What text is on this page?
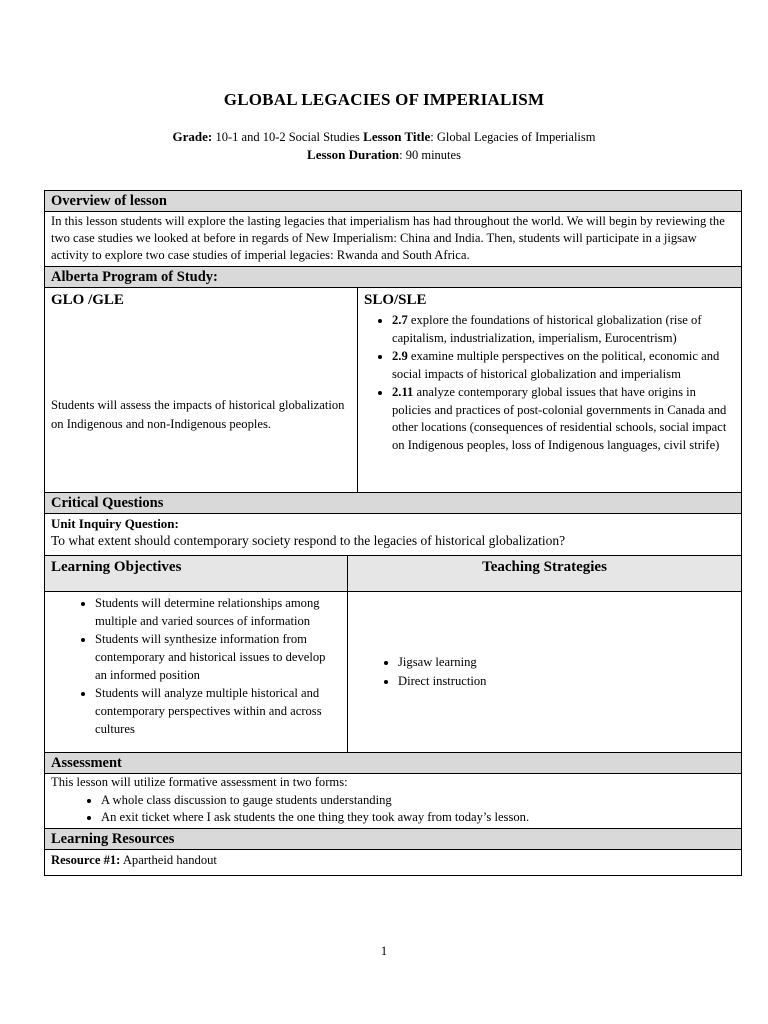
GLOBAL LEGACIES OF IMPERIALISM
Grade: 10-1 and 10-2 Social Studies Lesson Title: Global Legacies of Imperialism
Lesson Duration: 90 minutes
Overview of lesson
In this lesson students will explore the lasting legacies that imperialism has had throughout the world. We will begin by reviewing the two case studies we looked at before in regards of New Imperialism: China and India. Then, students will participate in a jigsaw activity to explore two case studies of imperial legacies: Rwanda and South Africa.
Alberta Program of Study:
GLO /GLE
Students will assess the impacts of historical globalization on Indigenous and non-Indigenous peoples.
SLO/SLE
• 2.7 explore the foundations of historical globalization (rise of capitalism, industrialization, imperialism, Eurocentrism)
• 2.9 examine multiple perspectives on the political, economic and social impacts of historical globalization and imperialism
• 2.11 analyze contemporary global issues that have origins in policies and practices of post-colonial governments in Canada and other locations (consequences of residential schools, social impact on Indigenous peoples, loss of Indigenous languages, civil strife)
Critical Questions
Unit Inquiry Question:
To what extent should contemporary society respond to the legacies of historical globalization?
Learning Objectives	Teaching Strategies
• Students will determine relationships among multiple and varied sources of information
• Students will synthesize information from contemporary and historical issues to develop an informed position
• Students will analyze multiple historical and contemporary perspectives within and across cultures
• Jigsaw learning
• Direct instruction
Assessment
This lesson will utilize formative assessment in two forms:
• A whole class discussion to gauge students understanding
• An exit ticket where I ask students the one thing they took away from today’s lesson.
Learning Resources
Resource #1: Apartheid handout
1
